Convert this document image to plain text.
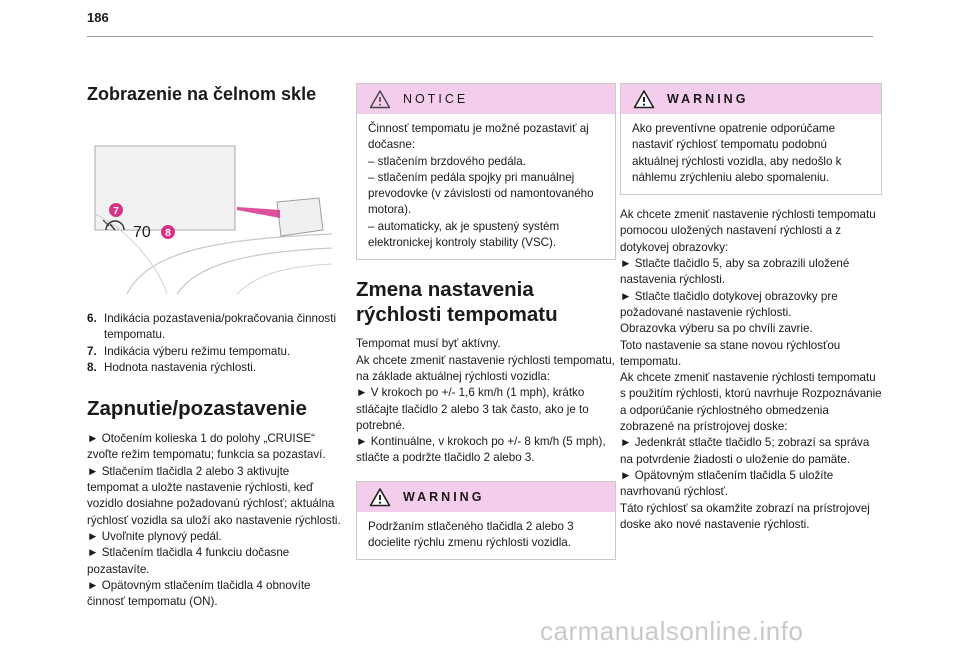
186
Zobrazenie na čelnom skle
7
70 8
6. Indikácia pozastavenia/pokračovania činnosti tempomatu.
7. Indikácia výberu režimu tempomatu.
8. Hodnota nastavenia rýchlosti.
Zapnutie/pozastavenie

► Otočením kolieska 1 do polohy „CRUISE“ zvoľte režim tempomatu; funkcia sa pozastaví.

► Stlačením tlačidla 2 alebo 3 aktivujte tempomat a uložte nastavenie rýchlosti, keď vozidlo dosiahne požadovanú rýchlosť; aktuálna rýchlosť vozidla sa uloží ako nastavenie rýchlosti.

► Uvoľnite plynový pedál.

► Stlačením tlačidla 4 funkciu dočasne pozastavíte.

► Opätovným stlačením tlačidla 4 obnovíte činnosť tempomatu (ON).

NOTICE

Činnosť tempomatu je možné pozastaviť aj dočasne:

– stlačením brzdového pedála.

– stlačením pedála spojky pri manuálnej prevodovke (v závislosti od namontovaného motora).

– automaticky, ak je spustený systém elektronickej kontroly stability (VSC).

Zmena nastavenia rýchlosti tempomatu

Tempomat musí byť aktívny.

Ak chcete zmeniť nastavenie rýchlosti tempomatu, na základe aktuálnej rýchlosti vozidla:

► V krokoch po +/- 1,6 km/h (1 mph), krátko stláčajte tlačidlo 2 alebo 3 tak často, ako je to potrebné.

► Kontinuálne, v krokoch po +/- 8 km/h (5 mph), stlačte a podržte tlačidlo 2 alebo 3.

WARNING

Podržaním stlačeného tlačidla 2 alebo 3 docielite rýchlu zmenu rýchlosti vozidla.

WARNING

Ako preventívne opatrenie odporúčame nastaviť rýchlosť tempomatu podobnú aktuálnej rýchlosti vozidla, aby nedošlo k náhlemu zrýchleniu alebo spomaleniu.

Ak chcete zmeniť nastavenie rýchlosti tempomatu pomocou uložených nastavení rýchlosti a z dotykovej obrazovky:

► Stlačte tlačidlo 5, aby sa zobrazili uložené nastavenia rýchlosti.

► Stlačte tlačidlo dotykovej obrazovky pre požadované nastavenie rýchlosti.

Obrazovka výberu sa po chvíli zavrie.

Toto nastavenie sa stane novou rýchlosťou tempomatu.

Ak chcete zmeniť nastavenie rýchlosti tempomatu s použitím rýchlosti, ktorú navrhuje Rozpoznávanie a odporúčanie rýchlostného obmedzenia zobrazené na prístrojovej doske:

► Jedenkrát stlačte tlačidlo 5; zobrazí sa správa na potvrdenie žiadosti o uloženie do pamäte.

► Opätovným stlačením tlačidla 5 uložíte navrhovanú rýchlosť.

Táto rýchlosť sa okamžite zobrazí na prístrojovej doske ako nové nastavenie rýchlosti.

carmanualsonline.info
